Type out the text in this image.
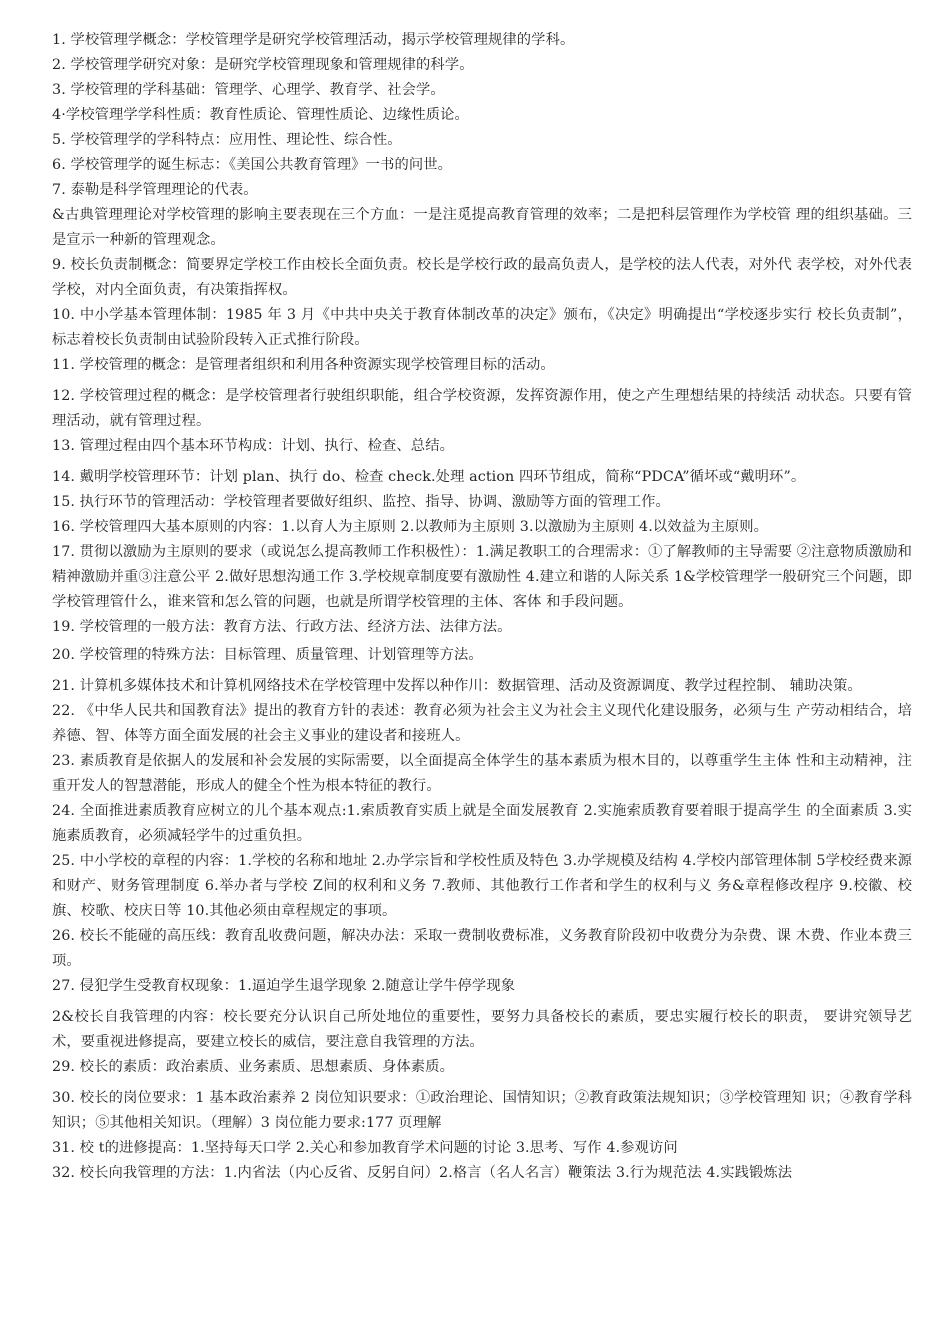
1. 学校管理学概念：学校管理学是研究学校管理活动，揭示学校管理规律的学科。

2. 学校管理学研究对象：是研究学校管理现象和管理规律的科学。

3. 学校管理的学科基础：管理学、心理学、教育学、社会学。

4·学校管理学学科性质：教育性质论、管理性质论、边缘性质论。

5. 学校管理学的学科特点：应用性、理论性、综合性。

6. 学校管理学的诞生标志：《美国公共教育管理》一书的问世。

7. 泰勒是科学管理理论的代表。

&古典管理理论对学校管理的影响主要表现在三个方血：一是注觅提高教育管理的效率；二是把科层管理作为学校管 理的组织基础。三是宣示一种新的管理观念。

9. 校长负责制概念：简要界定学校工作由校长全面负责。校长是学校行政的最高负责人，是学校的法人代表，对外代 表学校，对外代表学校，对内全面负责，有决策指挥权。

10. 中小学基本管理体制：1985 年 3 月《中共中央关于教育体制改革的决定》颁布，《决定》明确提出“学校逐步实行 校长负责制”，标志着校长负责制由试验阶段转入正式推行阶段。

11. 学校管理的概念：是管理者组织和利用各种资源实现学校管理目标的活动。

12. 学校管理过程的概念：是学校管理者行驶组织职能，组合学校资源，发挥资源作用，使之产生理想结果的持续活 动状态。只要有管理活动，就有管理过程。

13. 管理过程由四个基本环节构成：计划、执行、检查、总结。

14. 戴明学校管理环节：计划 plan、执行 do、检查 check.处理 action 四环节组成，简称“PDCA”循坏或“戴明环”。

15. 执行环节的管理活动：学校管理者要做好组织、监控、指导、协调、激励等方面的管理工作。

16. 学校管理四大基本原则的内容：1.以育人为主原则 2.以教师为主原则 3.以激励为主原则 4.以效益为主原则。

17. 贯彻以激励为主原则的要求（或说怎么提高教师工作积极性）：1.满足教职工的合理需求：①了解教师的主导需要 ②注意物质激励和精神激励并重③注意公平 2.做好思想沟通工作 3.学校规章制度要有激励性 4.建立和谐的人际关系 1&学校管理学一般研究三个问题，即学校管理管什么，谁来管和怎么管的问题，也就是所谓学校管理的主体、客体 和手段问题。

19. 学校管理的一般方法：教育方法、行政方法、经济方法、法律方法。

20. 学校管理的特殊方法：目标管理、质量管理、计划管理等方法。

21. 计算机多媒体技术和计算机网络技术在学校管理中发挥以种作川：数据管理、活动及资源调度、教学过程控制、 辅助决策。

22. 《中华人民共和国教育法》提出的教育方针的表述：教育必须为社会主义为社会主义现代化建设服务，必须与生 产劳动相结合，培养德、智、体等方面全面发展的社会主义事业的建设者和接班人。

23. 素质教育是依据人的发展和补会发展的实际需要，以全面提高全体学生的基本素质为根木目的，以尊重学生主体 性和主动精神，注重开发人的智慧潜能，形成人的健全个性为根本特征的教行。

24. 全面推进素质教育应树立的儿个基本观点:1.索质教育实质上就是全面发展教育 2.实施索质教育要着眼于提高学生 的全面素质 3.实施素质教育，必须减轻学牛的过重负担。

25. 中小学校的章程的内容：1.学校的名称和地址 2.办学宗旨和学校性质及特色 3.办学规模及结构 4.学校内部管理体制 5学校经费来源和财产、财务管理制度 6.举办者与学校 Z间的权利和义务 7.教师、其他教行工作者和学生的权利与义 务&章程修改程序 9.校徽、校旗、校歌、校庆日等 10.其他必须由章程规定的事项。

26. 校长不能碰的高压线：教育乱收费问题，解决办法：采取一费制收费标准，义务教育阶段初中收费分为杂费、课 木费、作业本费三项。

27. 侵犯学生受教育权现象：1.逼迫学生退学现象 2.随意让学牛停学现象

2&校长自我管理的内容：校长要充分认识自己所处地位的重要性，要努力具备校长的素质，要忠实履行校长的职责， 要讲究领导艺术，要重视进修提高，要建立校长的威信，要注意自我管理的方法。

29. 校长的素质：政治素质、业务素质、思想素质、身体素质。

30. 校长的岗位要求：1 基本政治素养 2 岗位知识要求：①政治理论、国情知识；②教育政策法规知识；③学校管理知 识；④教育学科知识；⑤其他相关知识。（理解）3 岗位能力要求:177 页理解

31. 校 t的进修提高：1.坚持每天口学 2.关心和参加教育学术问题的讨论 3.思考、写作 4.参观访问

32. 校长向我管理的方法：1.内省法（内心反省、反躬自问）2.格言（名人名言）鞭策法 3.行为规范法 4.实践锻炼法
